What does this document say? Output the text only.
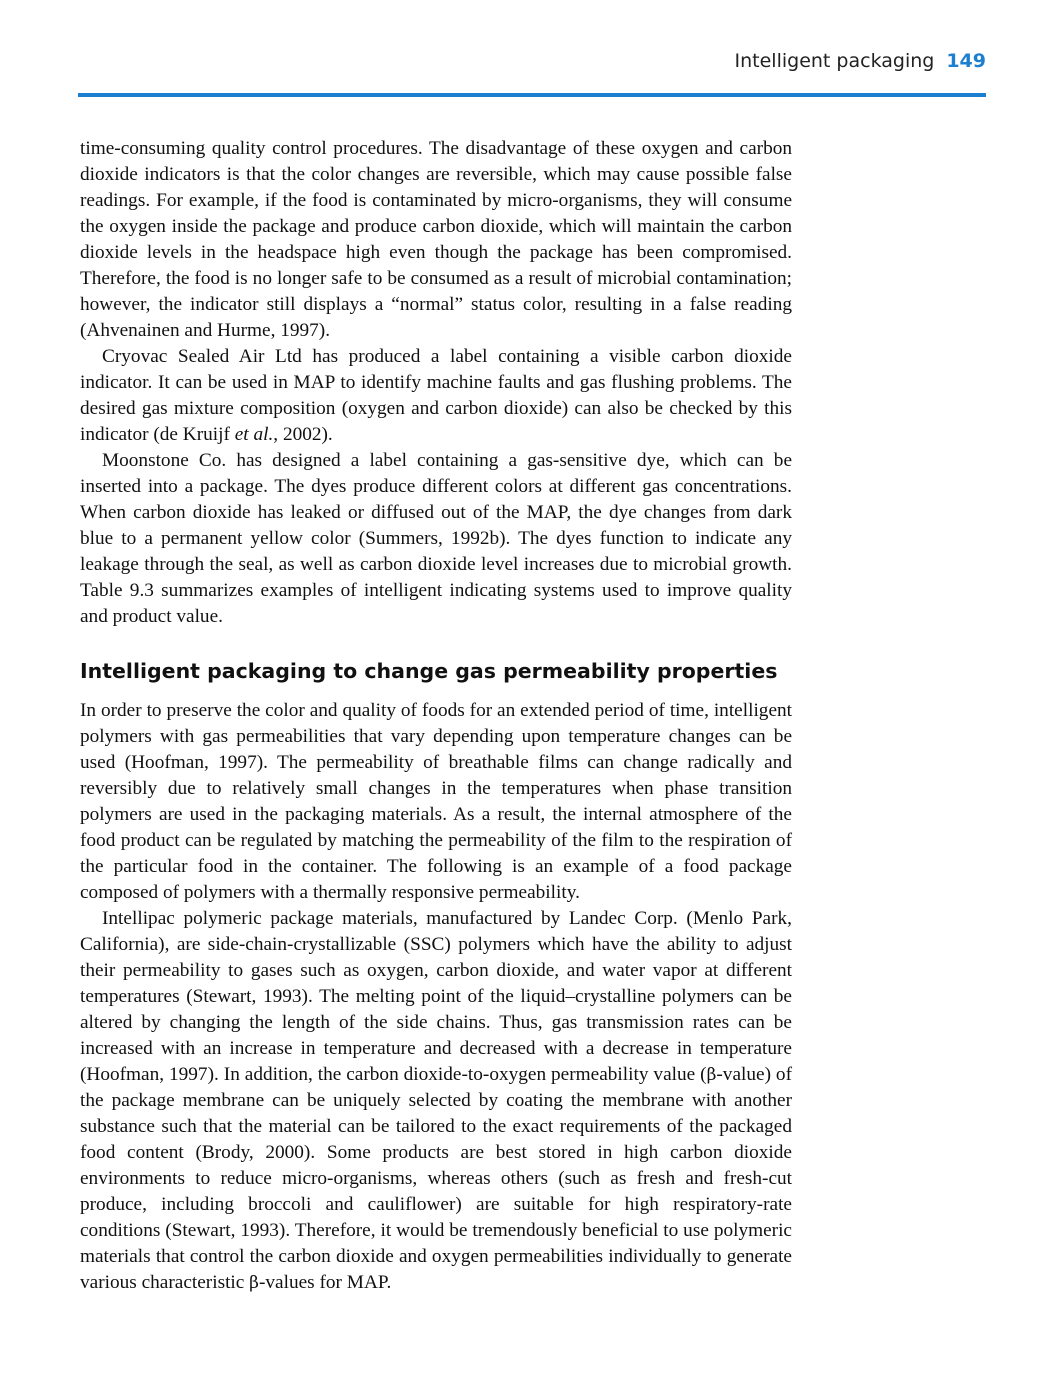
Intelligent packaging 149

time-consuming quality control procedures. The disadvantage of these oxygen and carbon dioxide indicators is that the color changes are reversible, which may cause possible false readings. For example, if the food is contaminated by micro-organisms, they will consume the oxygen inside the package and produce carbon dioxide, which will maintain the carbon dioxide levels in the headspace high even though the package has been compromised. Therefore, the food is no longer safe to be consumed as a result of microbial contamination; however, the indicator still displays a “normal” status color, resulting in a false reading (Ahvenainen and Hurme, 1997).

Cryovac Sealed Air Ltd has produced a label containing a visible carbon dioxide indicator. It can be used in MAP to identify machine faults and gas flushing problems. The desired gas mixture composition (oxygen and carbon dioxide) can also be checked by this indicator (de Kruijf et al., 2002).

Moonstone Co. has designed a label containing a gas-sensitive dye, which can be inserted into a package. The dyes produce different colors at different gas concentrations. When carbon dioxide has leaked or diffused out of the MAP, the dye changes from dark blue to a permanent yellow color (Summers, 1992b). The dyes function to indicate any leakage through the seal, as well as carbon dioxide level increases due to microbial growth. Table 9.3 summarizes examples of intelligent indicating systems used to improve quality and product value.

Intelligent packaging to change gas permeability properties

In order to preserve the color and quality of foods for an extended period of time, intelligent polymers with gas permeabilities that vary depending upon temperature changes can be used (Hoofman, 1997). The permeability of breathable films can change radically and reversibly due to relatively small changes in the temperatures when phase transition polymers are used in the packaging materials. As a result, the internal atmosphere of the food product can be regulated by matching the permeability of the film to the respiration of the particular food in the container. The following is an example of a food package composed of polymers with a thermally responsive permeability.

Intellipac polymeric package materials, manufactured by Landec Corp. (Menlo Park, California), are side-chain-crystallizable (SSC) polymers which have the ability to adjust their permeability to gases such as oxygen, carbon dioxide, and water vapor at different temperatures (Stewart, 1993). The melting point of the liquid–crystalline polymers can be altered by changing the length of the side chains. Thus, gas transmission rates can be increased with an increase in temperature and decreased with a decrease in temperature (Hoofman, 1997). In addition, the carbon dioxide-to-oxygen permeability value (β-value) of the package membrane can be uniquely selected by coating the membrane with another substance such that the material can be tailored to the exact requirements of the packaged food content (Brody, 2000). Some products are best stored in high carbon dioxide environments to reduce micro-organisms, whereas others (such as fresh and fresh-cut produce, including broccoli and cauliflower) are suitable for high respiratory-rate conditions (Stewart, 1993). Therefore, it would be tremendously beneficial to use polymeric materials that control the carbon dioxide and oxygen permeabilities individually to generate various characteristic β-values for MAP.
